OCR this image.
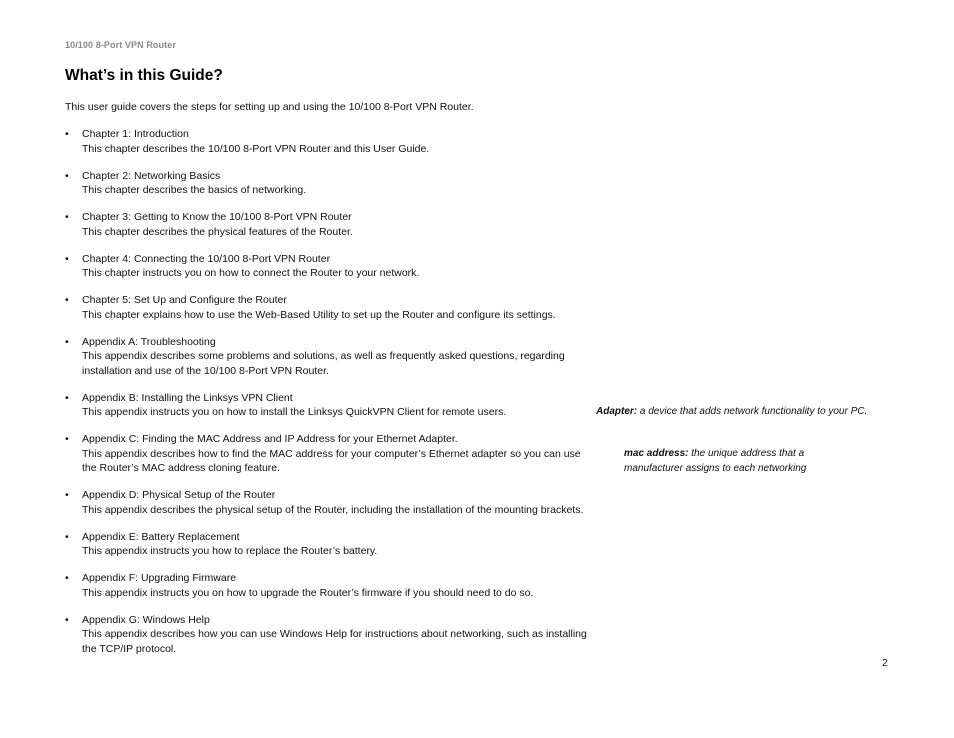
10/100 8-Port VPN Router
What’s in this Guide?
This user guide covers the steps for setting up and using the 10/100 8-Port VPN Router.
•	Chapter 1: Introduction
This chapter describes the 10/100 8-Port VPN Router and this User Guide.
•	Chapter 2: Networking Basics
This chapter describes the basics of networking.
•	Chapter 3: Getting to Know the 10/100 8-Port VPN Router
This chapter describes the physical features of the Router.
•	Chapter 4: Connecting the 10/100 8-Port VPN Router
This chapter instructs you on how to connect the Router to your network.
•	Chapter 5: Set Up and Configure the Router
This chapter explains how to use the Web-Based Utility to set up the Router and configure its settings.
•	Appendix A: Troubleshooting
This appendix describes some problems and solutions, as well as frequently asked questions, regarding installation and use of the 10/100 8-Port VPN Router.
•	Appendix B: Installing the Linksys VPN Client
This appendix instructs you on how to install the Linksys QuickVPN Client for remote users.
•	Appendix C: Finding the MAC Address and IP Address for your Ethernet Adapter.
This appendix describes how to find the MAC address for your computer’s Ethernet adapter so you can use the Router’s MAC address cloning feature.
•	Appendix D: Physical Setup of the Router
This appendix describes the physical setup of the Router, including the installation of the mounting brackets.
•	Appendix E: Battery Replacement
This appendix instructs you how to replace the Router’s battery.
•	Appendix F: Upgrading Firmware
This appendix instructs you on how to upgrade the Router’s firmware if you should need to do so.
•	Appendix G: Windows Help
This appendix describes how you can use Windows Help for instructions about networking, such as installing the TCP/IP protocol.
Adapter: a device that adds network functionality to your PC.
mac address: the unique address that a manufacturer assigns to each networking
2
